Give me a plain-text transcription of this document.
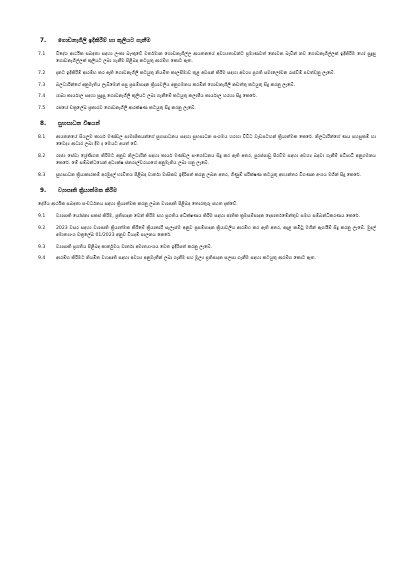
7.	ගොඩනැගිලි ඉදිකිරීම් හා කුලියට ගැනීම
7.1	විදේශ ආර්ථික සබඳතා සඳහා ලංකා බැංකුවේ වර්තමාන ගොඩනැගිල්ල ආයතනයේ අවශ්‍යතාවන්ට ප්‍රමාණවත් නොවන බැවින් නව ගොඩනැගිල්ලක් ඉදිකිරීම හෝ සුදුසු ගොඩනැගිල්ලක් කුලියට ලබා ගැනීම පිළිබඳ කටයුතු ආරම්භ කොට ඇත.
7.2	දැනට ඉදිකිරීම් ආරම්භ කර ඇති ගොඩනැගිලි කටයුතු නියමිත කාලසීමාව තුළ අවසන් කිරීම සඳහා අවශ්‍ය ප්‍රගති සමාලෝචන රැස්වීම් පවත්වනු ලැබේ.
7.3	බලධාරීන්ගේ අනුමැතිය ලැබීමෙන් පසු ප්‍රසම්පාදන ක්‍රියාවලිය අනුගමනය කරමින් ගොඩනැගිලි නඩත්තු කටයුතු සිදු කරනු ලැබේ.
7.4	ශාඛා කාර්යාල සඳහා සුදුසු ගොඩනැගිලි කුලියට ලබා ගැනීමේ කටයුතු කලාපීය කාර්යාල හරහා සිදු කෙරේ.
7.5	රජයේ චක්‍රලේඛ ප්‍රකාරව ගොඩනැගිලි ආරක්ෂණ කටයුතු සිදු කරනු ලැබේ.
8.	සුභසාධන විෂයන්
8.1	ආයතනයේ සියලුම කාර්ය මණ්ඩල සාමාජිකයන්ගේ සුභසාධනය සඳහා සුභසාධන සංගමය හරහා විවිධ වැඩසටහන් ක්‍රියාත්මක කෙරේ. නිලධාරීන්ගේ ණය පහසුකම් හා වෛද්‍ය ආධාර ලබා දීම ද මෙයට අයත් වේ.
8.2	රාජ්‍ය සේවා ශ්‍රේණිගත කිරීමට අනුව නිලධාරීන් සඳහා කාර්ය මණ්ඩල සංශෝධනය සිදු කර ඇති අතර, පුරප්පාඩු පිරවීම සඳහා අවශ්‍ය බඳවා ගැනීම් පටිපාටි අනුගමනය කෙරේ. මේ සම්බන්ධයෙන් අධ්‍යක්ෂ ජනරාල්වරයාගේ අනුමැතිය ලබා ගනු ලැබේ.
8.3	සුභසාධන ක්‍රියාකාරකම් අරමුදල් භාවිතය පිළිබඳ වාර්තා මාසිකව ඉදිරිපත් කරනු ලබන අතර, ගිණුම් පරීක්ෂණ කටයුතු අභ්‍යන්තර විගණන අංශය මගින් සිදු කෙරේ.
9.	ව්‍යාපෘති ක්‍රියාත්මක කිරීම
දේශීය ආර්ථික සබඳතා සංවර්ධනය සඳහා ක්‍රියාත්මක කරනු ලබන ව්‍යාපෘති පිළිබඳ තොරතුරු පහත දැක්වේ.
9.1	ව්‍යාපෘති යෝජනා සකස් කිරීම, ප්‍රතිපාදන වෙන් කිරීම සහ ප්‍රගතිය අධීක්ෂණය කිරීම සඳහා ජාතික ක්‍රමසම්පාදන දෙපාර්තමේන්තුව සමඟ සම්බන්ධීකරණය කෙරේ.
9.2	2023 වසර සඳහා ව්‍යාපෘති ක්‍රියාත්මක කිරීමේ ක්‍රියාකාරී සැලැස්ම අනුව ප්‍රසම්පාදන ක්‍රියාවලිය ආරම්භ කර ඇති අතර, අදාළ කමිටු මගින් ඇගයීම් සිදු කරනු ලැබේ. මුදල් අමාත්‍යාංශ චක්‍රලේඛ 01/2023 අනුව වියදම් පාලනය කෙරේ.
9.3	ව්‍යාපෘති ප්‍රගතිය පිළිබඳ කාර්තුමය වාර්තා අමාත්‍යාංශය වෙත ඉදිරිපත් කරනු ලැබේ.
9.4	ආරම්භ කිරීමට නියමිත ව්‍යාපෘති සඳහා අවශ්‍ය අනුමැතීන් ලබා ගැනීම සහ මූල්‍ය ප්‍රතිපාදන සලසා ගැනීම සඳහා කටයුතු ආරම්භ කොට ඇත.
